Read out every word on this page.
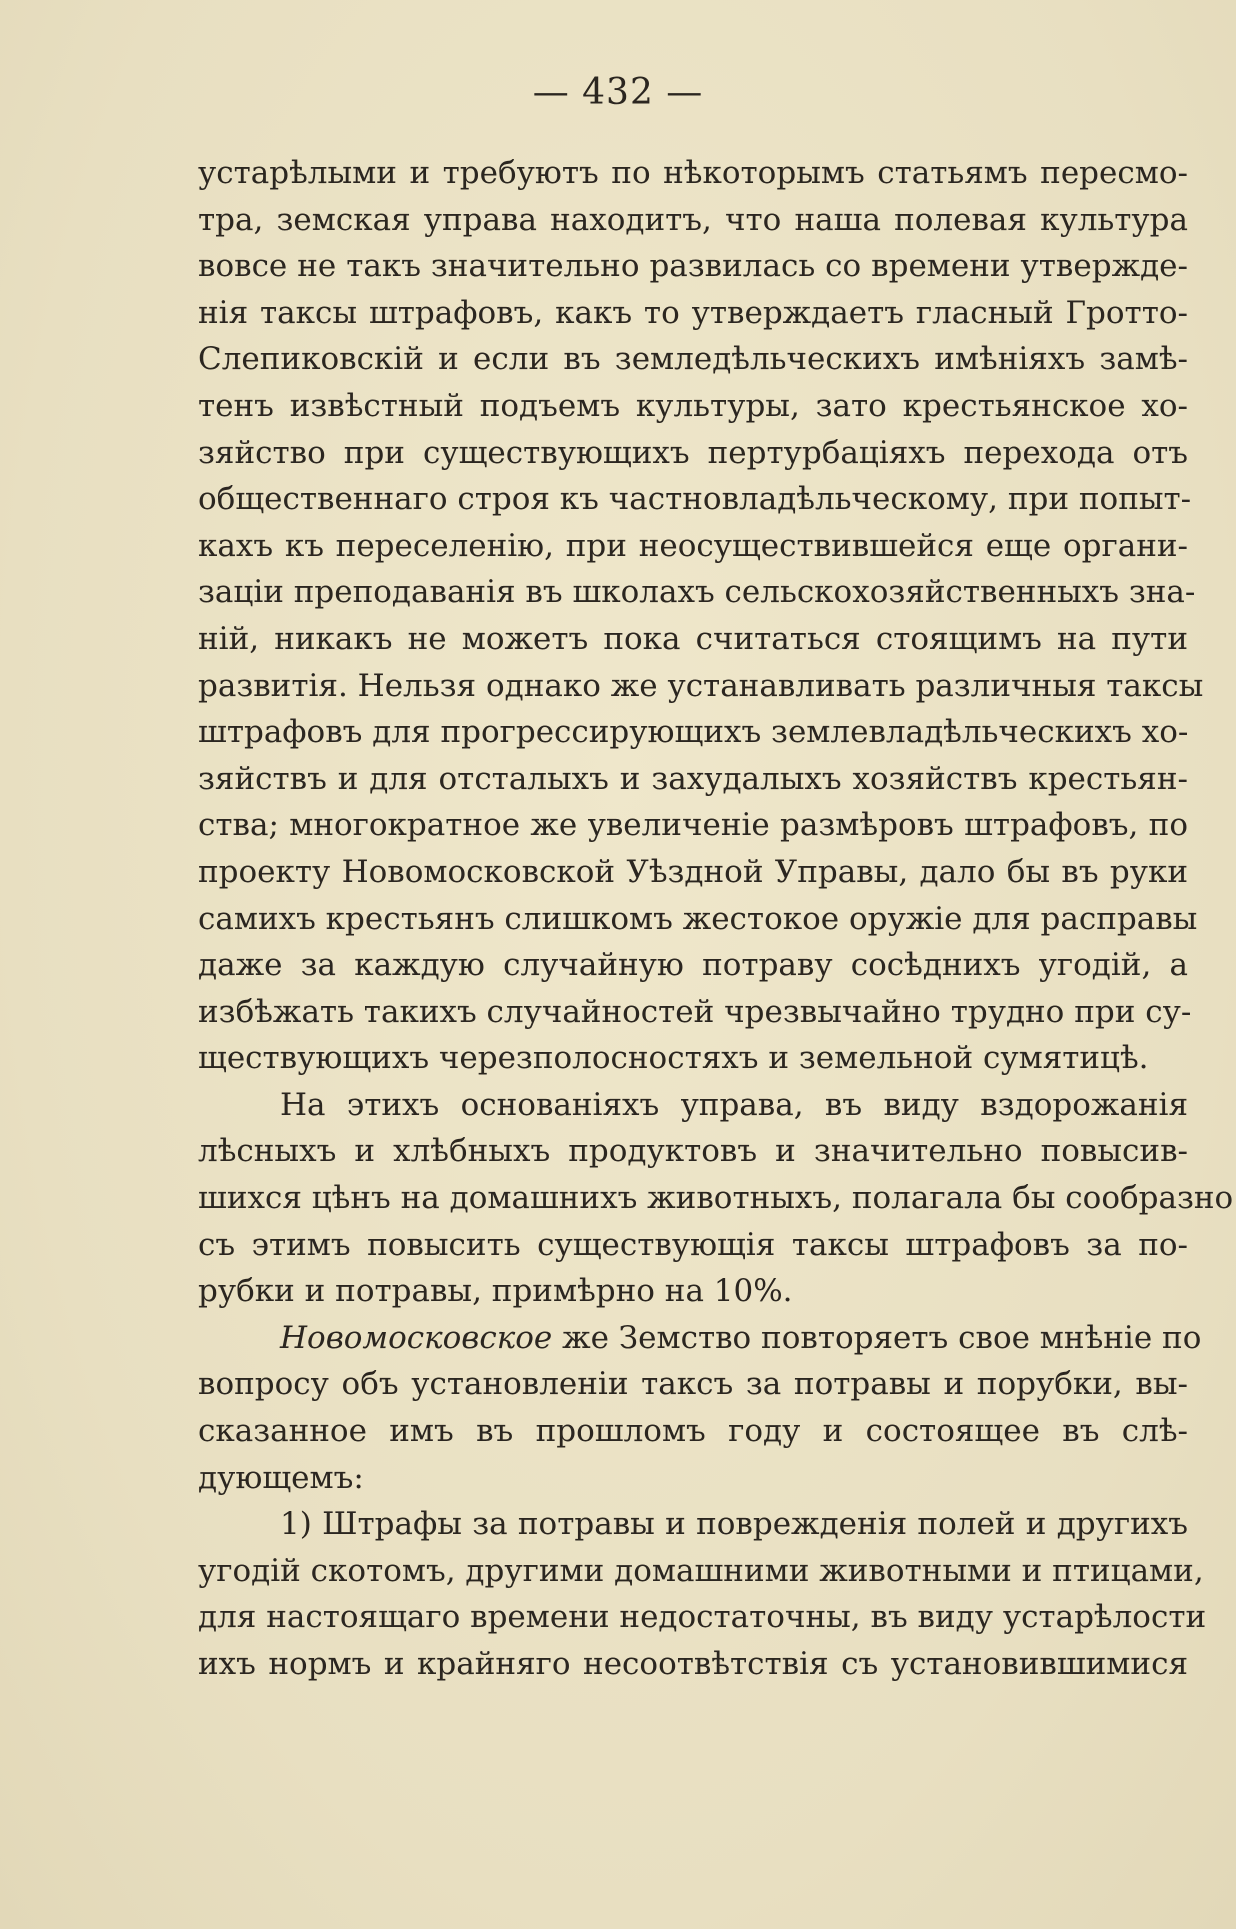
— 432 —
устарѣлыми и требуютъ по нѣкоторымъ статьямъ пересмо-
тра, земская управа находитъ, что наша полевая культура
вовсе не такъ значительно развилась со времени утвержде-
нія таксы штрафовъ, какъ то утверждаетъ гласный Гротто-
Слепиковскій и если въ земледѣльческихъ имѣніяхъ замѣ-
тенъ извѣстный подъемъ культуры, зато крестьянское хо-
зяйство при существующихъ пертурбаціяхъ перехода отъ
общественнаго строя къ частновладѣльческому, при попыт-
кахъ къ переселенію, при неосуществившейся еще органи-
заціи преподаванія въ школахъ сельскохозяйственныхъ зна-
ній, никакъ не можетъ пока считаться стоящимъ на пути
развитія. Нельзя однако же устанавливать различныя таксы
штрафовъ для прогрессирующихъ землевладѣльческихъ хо-
зяйствъ и для отсталыхъ и захудалыхъ хозяйствъ крестьян-
ства; многократное же увеличеніе размѣровъ штрафовъ, по
проекту Новомосковской Уѣздной Управы, дало бы въ руки
самихъ крестьянъ слишкомъ жестокое оружіе для расправы
даже за каждую случайную потраву сосѣднихъ угодій, а
избѣжать такихъ случайностей чрезвычайно трудно при су-
ществующихъ черезполосностяхъ и земельной сумятицѣ.
На этихъ основаніяхъ управа, въ виду вздорожанія
лѣсныхъ и хлѣбныхъ продуктовъ и значительно повысив-
шихся цѣнъ на домашнихъ животныхъ, полагала бы сообразно
съ этимъ повысить существующія таксы штрафовъ за по-
рубки и потравы, примѣрно на 10%.
Новомосковское же Земство повторяетъ свое мнѣніе по
вопросу объ установленіи таксъ за потравы и порубки, вы-
сказанное имъ въ прошломъ году и состоящее въ слѣ-
дующемъ:
1) Штрафы за потравы и поврежденія полей и другихъ
угодій скотомъ, другими домашними животными и птицами,
для настоящаго времени недостаточны, въ виду устарѣлости
ихъ нормъ и крайняго несоотвѣтствія съ установившимися
